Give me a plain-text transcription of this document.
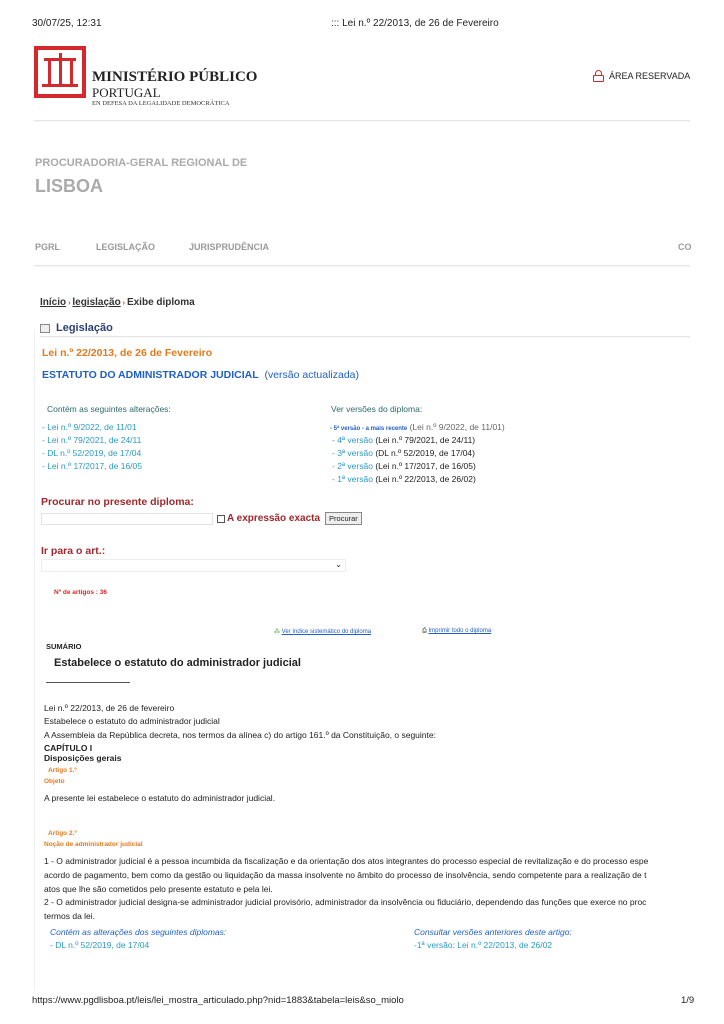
30/07/25, 12:31	::: Lei n.º 22/2013, de 26 de Fevereiro
MINISTÉRIO PÚBLICO
PORTUGAL
EN DEFESA DA LEGALIDADE DEMOCRÁTICA
ÁREA RESERVADA
PROCURADORIA-GERAL REGIONAL DE
LISBOA
PGRL	LEGISLAÇÃO	JURISPRUDÊNCIA	CO
Início › legislação › Exibe diploma
Legislação
Lei n.º 22/2013, de 26 de Fevereiro
ESTATUTO DO ADMINISTRADOR JUDICIAL (versão actualizada)
Contém as seguintes alterações:
- Lei n.º 9/2022, de 11/01
- Lei n.º 79/2021, de 24/11
- DL n.º 52/2019, de 17/04
- Lei n.º 17/2017, de 16/05
Ver versões do diploma:
- 5ª versão - a mais recente (Lei n.º 9/2022, de 11/01)
- 4ª versão (Lei n.º 79/2021, de 24/11)
- 3ª versão (DL n.º 52/2019, de 17/04)
- 2ª versão (Lei n.º 17/2017, de 16/05)
- 1ª versão (Lei n.º 22/2013, de 26/02)
Procurar no presente diploma:
A expressão exacta	Procurar
Ir para o art.:
⌄
Nº de artigos : 36
⁂ Ver índice sistemático do diploma	⎙ Imprimir todo o diploma
SUMÁRIO
Estabelece o estatuto do administrador judicial
Lei n.º 22/2013, de 26 de fevereiro
Estabelece o estatuto do administrador judicial
A Assembleia da República decreta, nos termos da alínea c) do artigo 161.º da Constituição, o seguinte:
CAPÍTULO I
Disposições gerais
Artigo 1.º
Objeto
A presente lei estabelece o estatuto do administrador judicial.
Artigo 2.º
Noção de administrador judicial
1 - O administrador judicial é a pessoa incumbida da fiscalização e da orientação dos atos integrantes do processo especial de revitalização e do processo espe
acordo de pagamento, bem como da gestão ou liquidação da massa insolvente no âmbito do processo de insolvência, sendo competente para a realização de t
atos que lhe são cometidos pelo presente estatuto e pela lei.
2 - O administrador judicial designa-se administrador judicial provisório, administrador da insolvência ou fiduciário, dependendo das funções que exerce no proc
termos da lei.
Contém as alterações dos seguintes diplomas:
- DL n.º 52/2019, de 17/04
Consultar versões anteriores deste artigo:
-1ª versão: Lei n.º 22/2013, de 26/02
https://www.pgdlisboa.pt/leis/lei_mostra_articulado.php?nid=1883&tabela=leis&so_miolo	1/9
